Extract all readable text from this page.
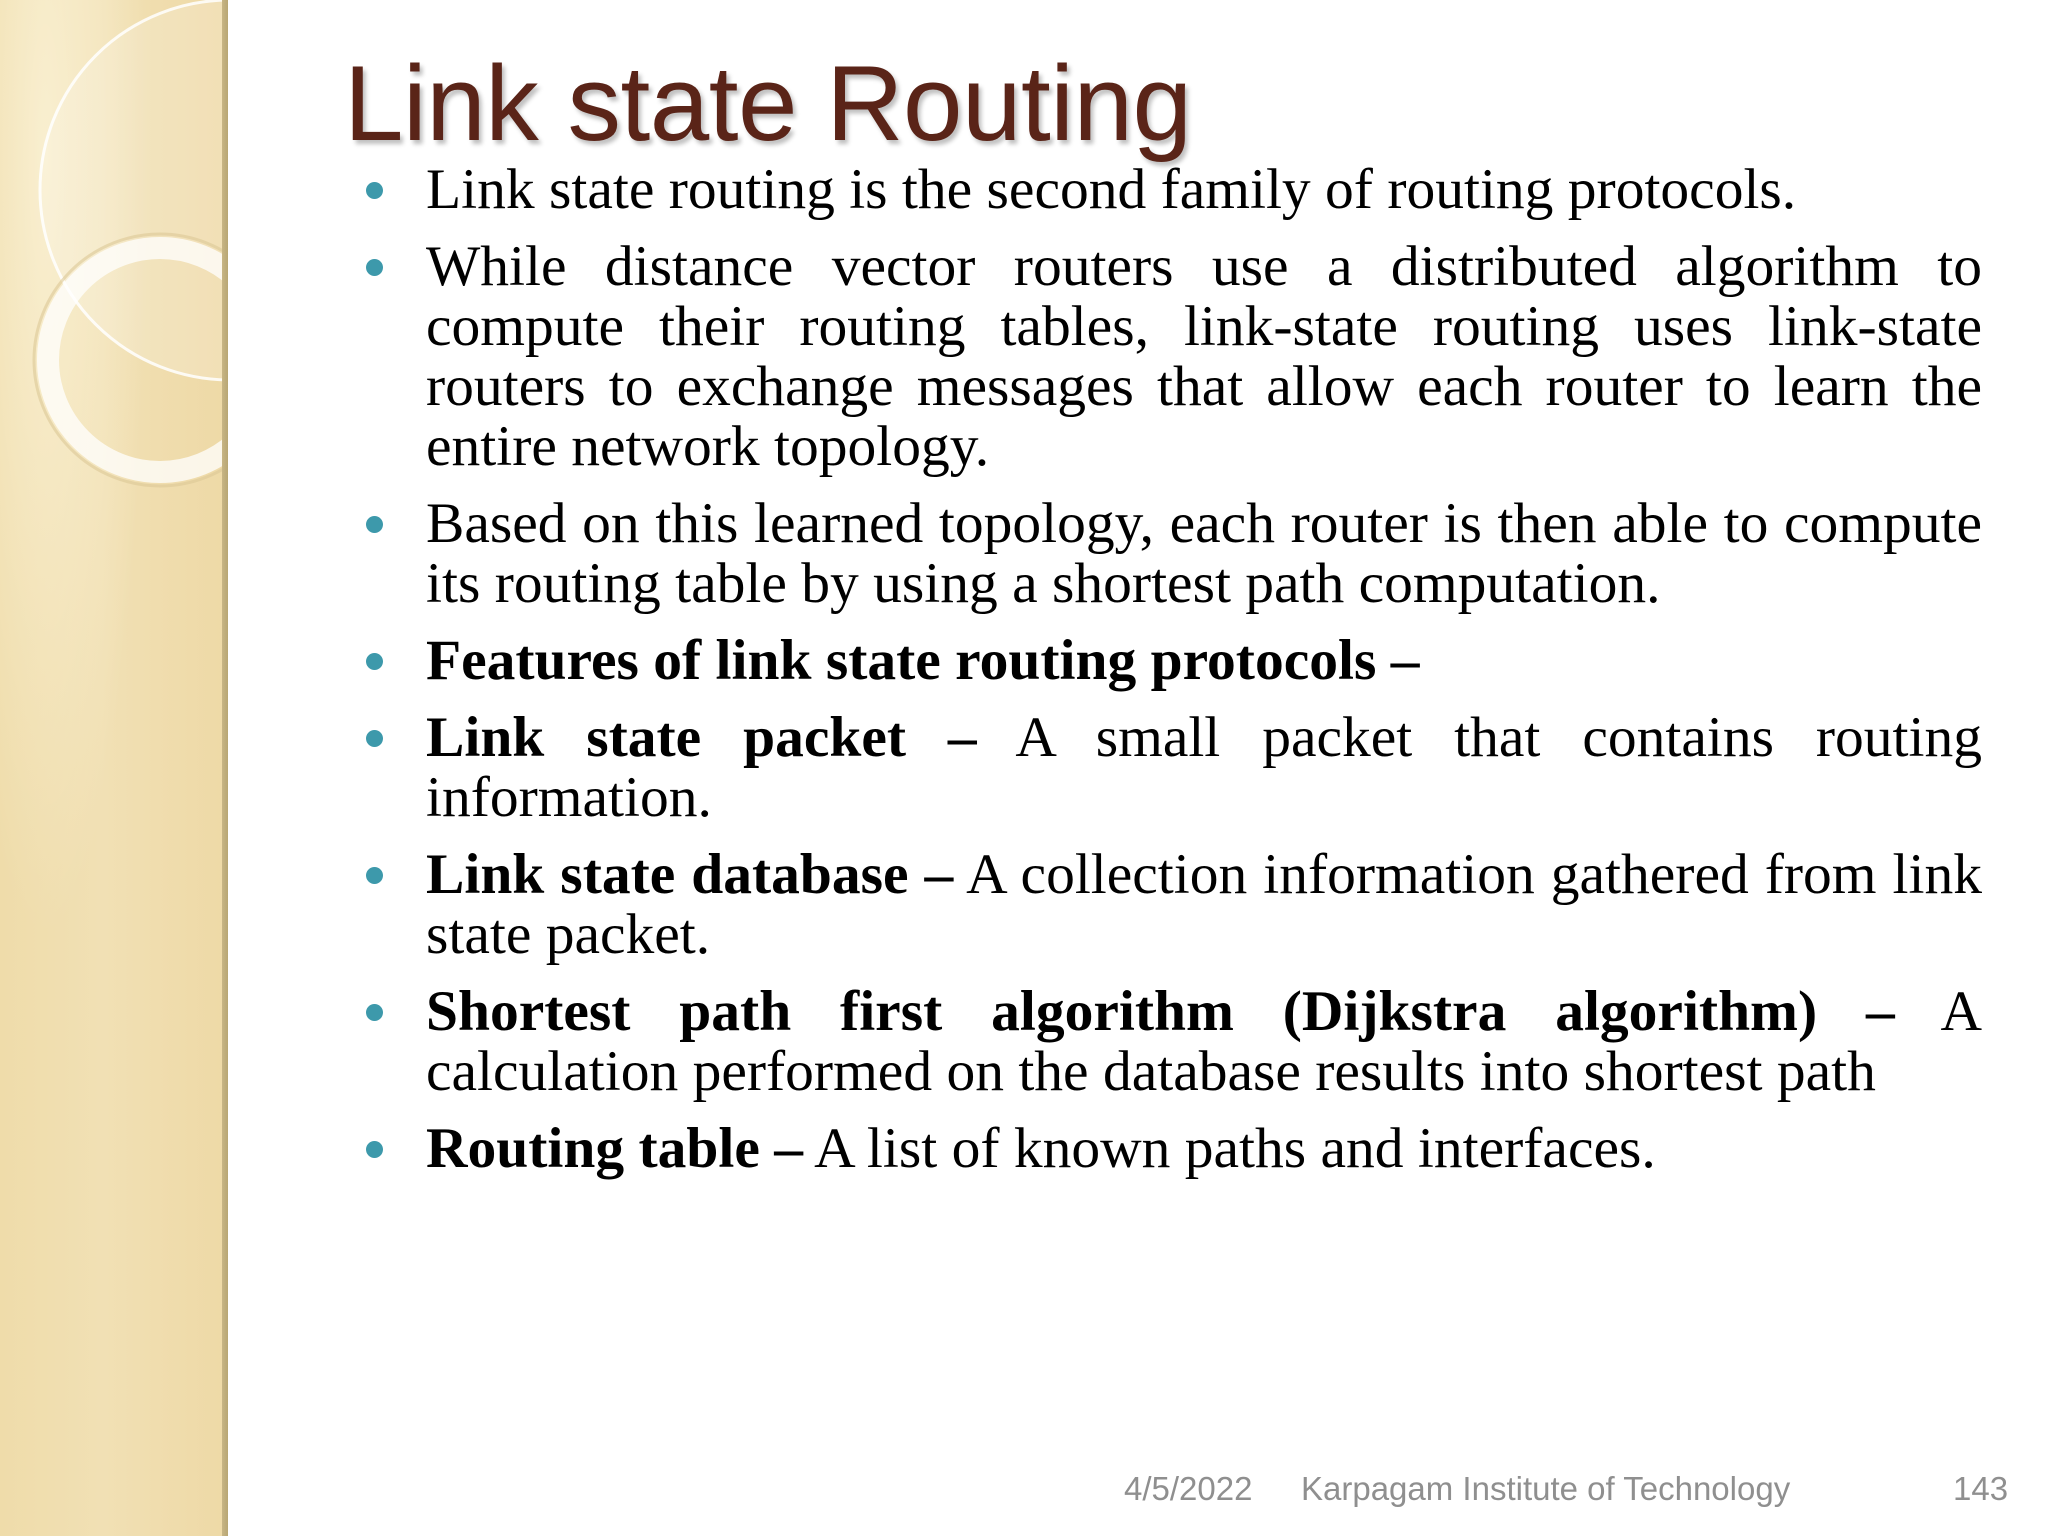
Link state Routing
Link state routing is the second family of routing protocols.
While distance vector routers use a distributed algorithm to compute their routing tables, link-state routing uses link-state routers to exchange messages that allow each router to learn the entire network topology.
Based on this learned topology, each router is then able to compute its routing table by using a shortest path computation.
Features of link state routing protocols –
Link state packet – A small packet that contains routing information.
Link state database – A collection information gathered from link state packet.
Shortest path first algorithm (Dijkstra algorithm) – A calculation performed on the database results into shortest path
Routing table – A list of known paths and interfaces.
4/5/2022 Karpagam Institute of Technology	143
